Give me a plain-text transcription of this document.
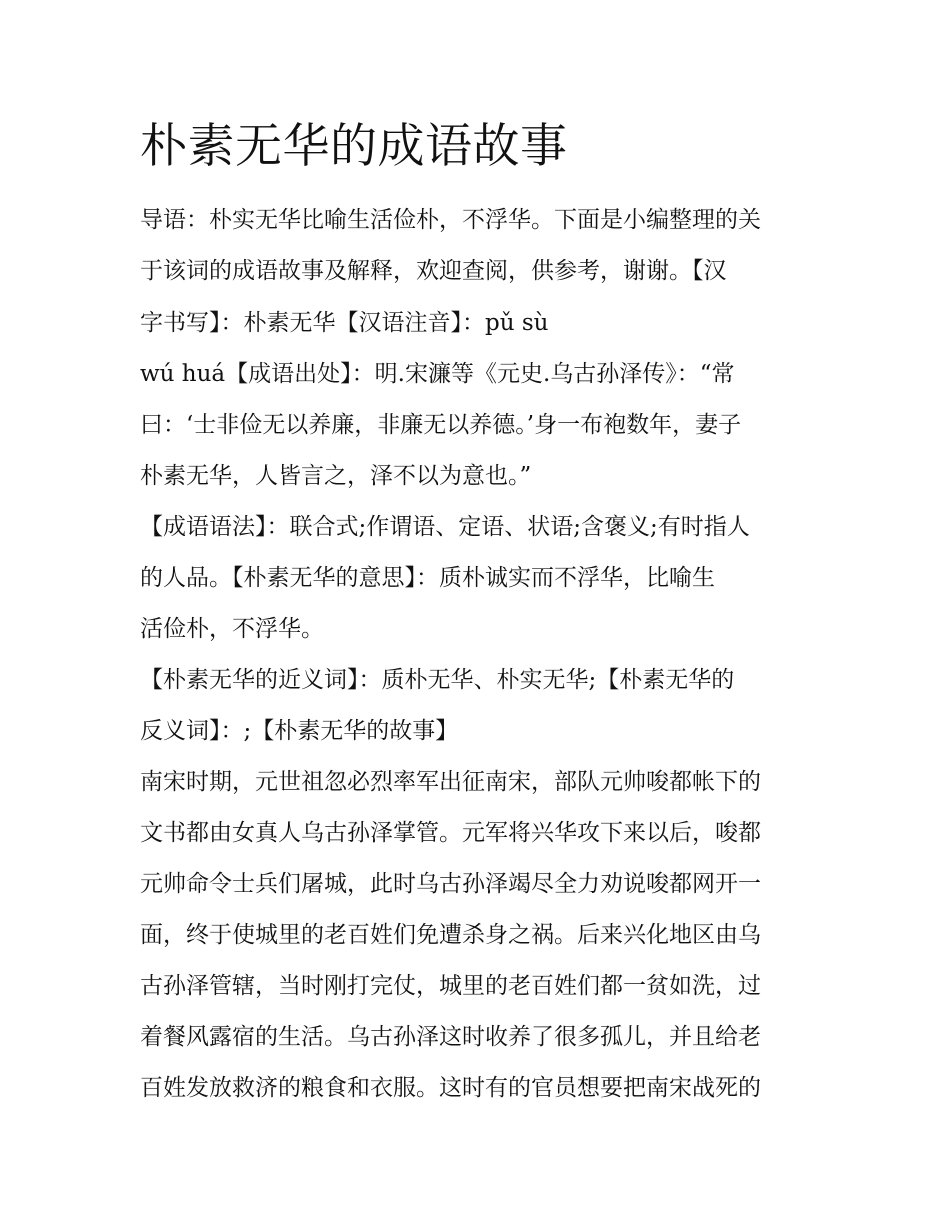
朴素无华的成语故事

导语：朴实无华比喻生活俭朴，不浮华。下面是小编整理的关

于该词的成语故事及解释，欢迎查阅，供参考，谢谢。【汉

字书写】：朴素无华【汉语注音】：pǔ sù

wú huá【成语出处】：明.宋濂等《元史.乌古孙泽传》：“常

曰：‘士非俭无以养廉，非廉无以养德。’身一布袍数年，妻子

朴素无华，人皆言之，泽不以为意也。”

【成语语法】：联合式;作谓语、定语、状语;含褒义;有时指人

的人品。【朴素无华的意思】：质朴诚实而不浮华，比喻生

活俭朴，不浮华。

【朴素无华的近义词】：质朴无华、朴实无华;【朴素无华的

反义词】：;【朴素无华的故事】

南宋时期，元世祖忽必烈率军出征南宋，部队元帅唆都帐下的

文书都由女真人乌古孙泽掌管。元军将兴华攻下来以后，唆都

元帅命令士兵们屠城，此时乌古孙泽竭尽全力劝说唆都网开一

面，终于使城里的老百姓们免遭杀身之祸。后来兴化地区由乌

古孙泽管辖，当时刚打完仗，城里的老百姓们都一贫如洗，过

着餐风露宿的生活。乌古孙泽这时收养了很多孤儿，并且给老

百姓发放救济的粮食和衣服。这时有的官员想要把南宋战死的
